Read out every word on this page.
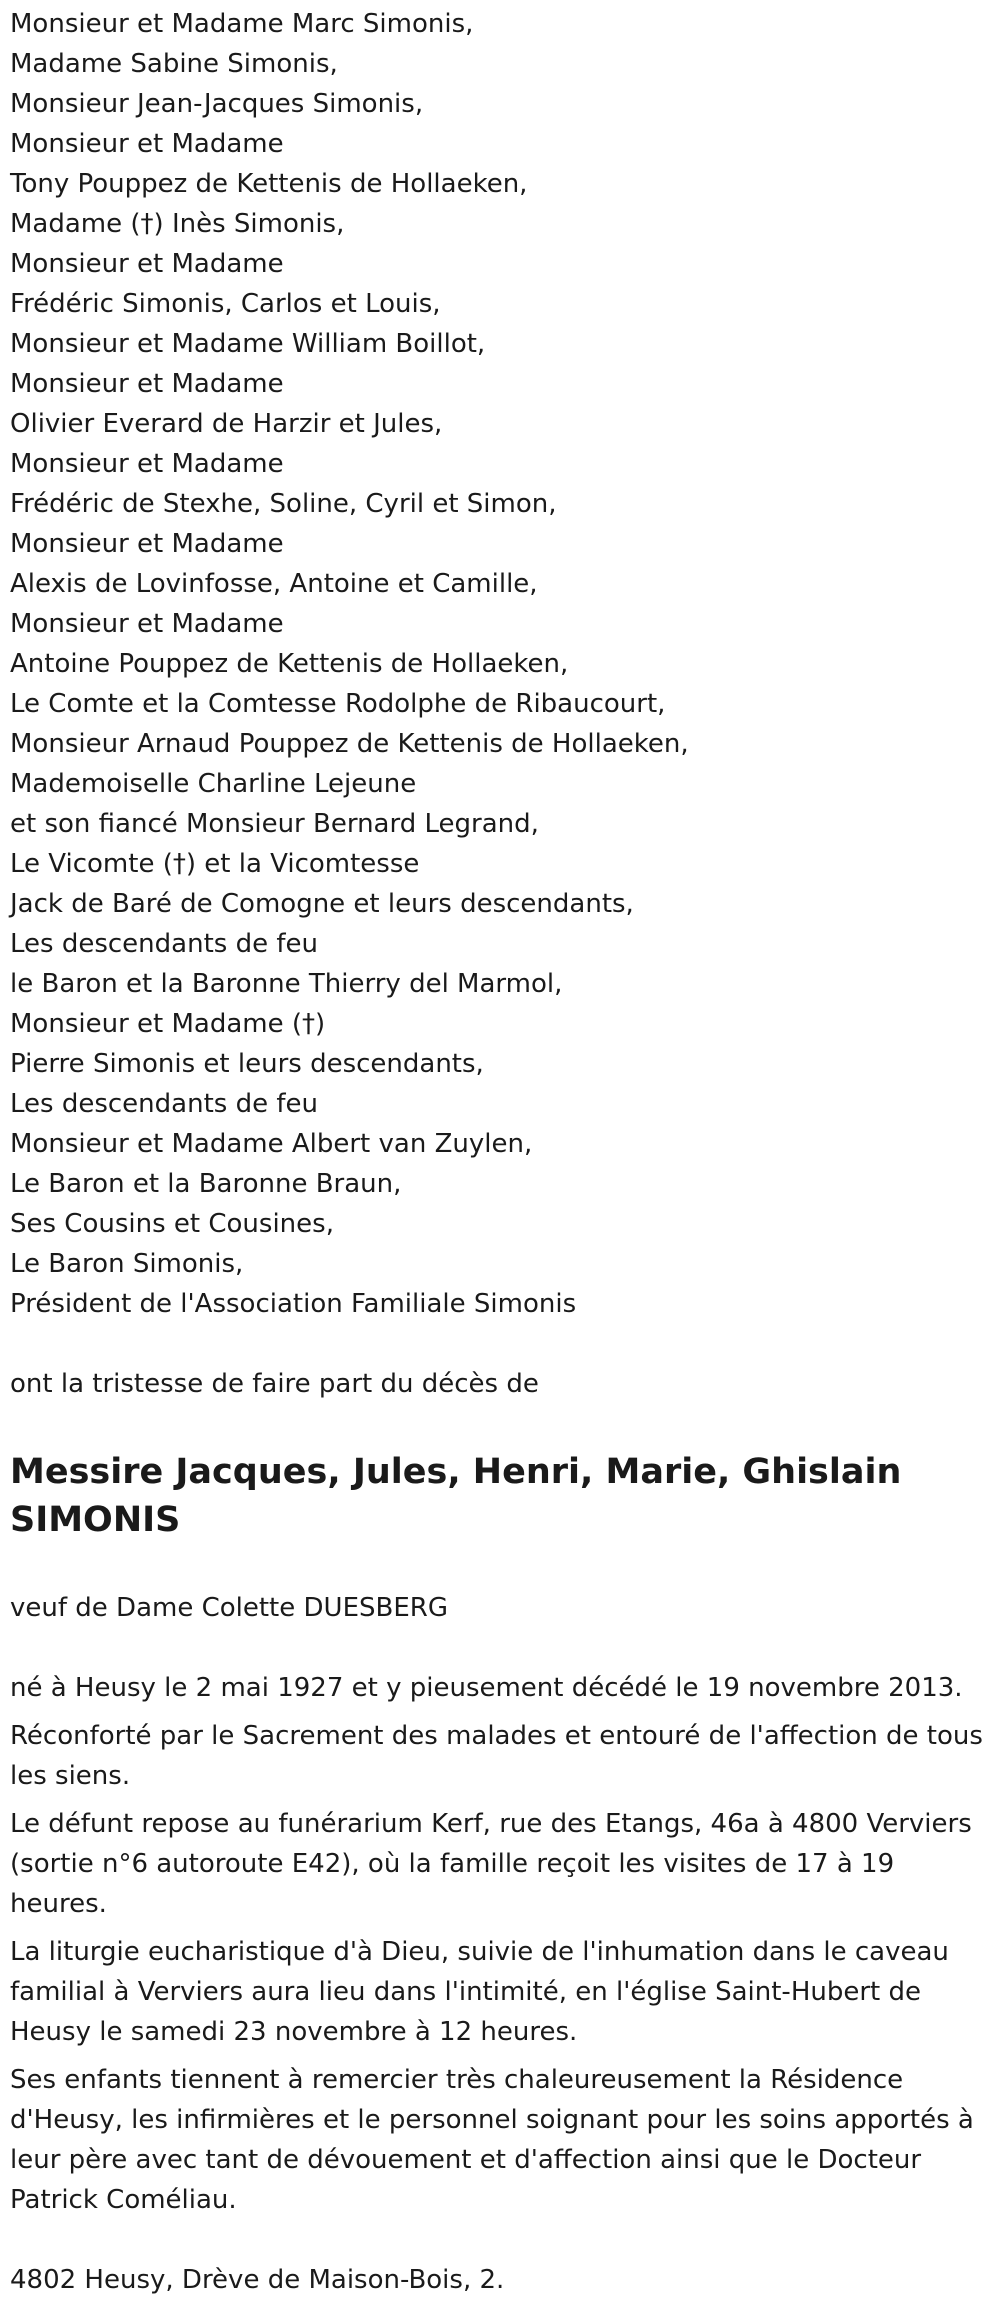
Monsieur et Madame Marc Simonis,
Madame Sabine Simonis,
Monsieur Jean-Jacques Simonis,
Monsieur et Madame
Tony Pouppez de Kettenis de Hollaeken,
Madame (†) Inès Simonis,
Monsieur et Madame
Frédéric Simonis, Carlos et Louis,
Monsieur et Madame William Boillot,
Monsieur et Madame
Olivier Everard de Harzir et Jules,
Monsieur et Madame
Frédéric de Stexhe, Soline, Cyril et Simon,
Monsieur et Madame
Alexis de Lovinfosse, Antoine et Camille,
Monsieur et Madame
Antoine Pouppez de Kettenis de Hollaeken,
Le Comte et la Comtesse Rodolphe de Ribaucourt,
Monsieur Arnaud Pouppez de Kettenis de Hollaeken,
Mademoiselle Charline Lejeune
et son fiancé Monsieur Bernard Legrand,
Le Vicomte (†) et la Vicomtesse
Jack de Baré de Comogne et leurs descendants,
Les descendants de feu
le Baron et la Baronne Thierry del Marmol,
Monsieur et Madame (†)
Pierre Simonis et leurs descendants,
Les descendants de feu
Monsieur et Madame Albert van Zuylen,
Le Baron et la Baronne Braun,
Ses Cousins et Cousines,
Le Baron Simonis,
Président de l'Association Familiale Simonis
ont la tristesse de faire part du décès de
Messire Jacques, Jules, Henri, Marie, Ghislain
SIMONIS
veuf de Dame Colette DUESBERG

né à Heusy le 2 mai 1927 et y pieusement décédé le 19 novembre 2013.

Réconforté par le Sacrement des malades et entouré de l'affection de tous les siens.

Le défunt repose au funérarium Kerf, rue des Etangs, 46a à 4800 Verviers (sortie n°6 autoroute E42), où la famille reçoit les visites de 17 à 19 heures.

La liturgie eucharistique d'à Dieu, suivie de l'inhumation dans le caveau familial à Verviers aura lieu dans l'intimité, en l'église Saint-Hubert de Heusy le samedi 23 novembre à 12 heures.

Ses enfants tiennent à remercier très chaleureusement la Résidence d'Heusy, les infirmières et le personnel soignant pour les soins apportés à leur père avec tant de dévouement et d'affection ainsi que le Docteur Patrick Coméliau.

4802 Heusy, Drève de Maison-Bois, 2.
